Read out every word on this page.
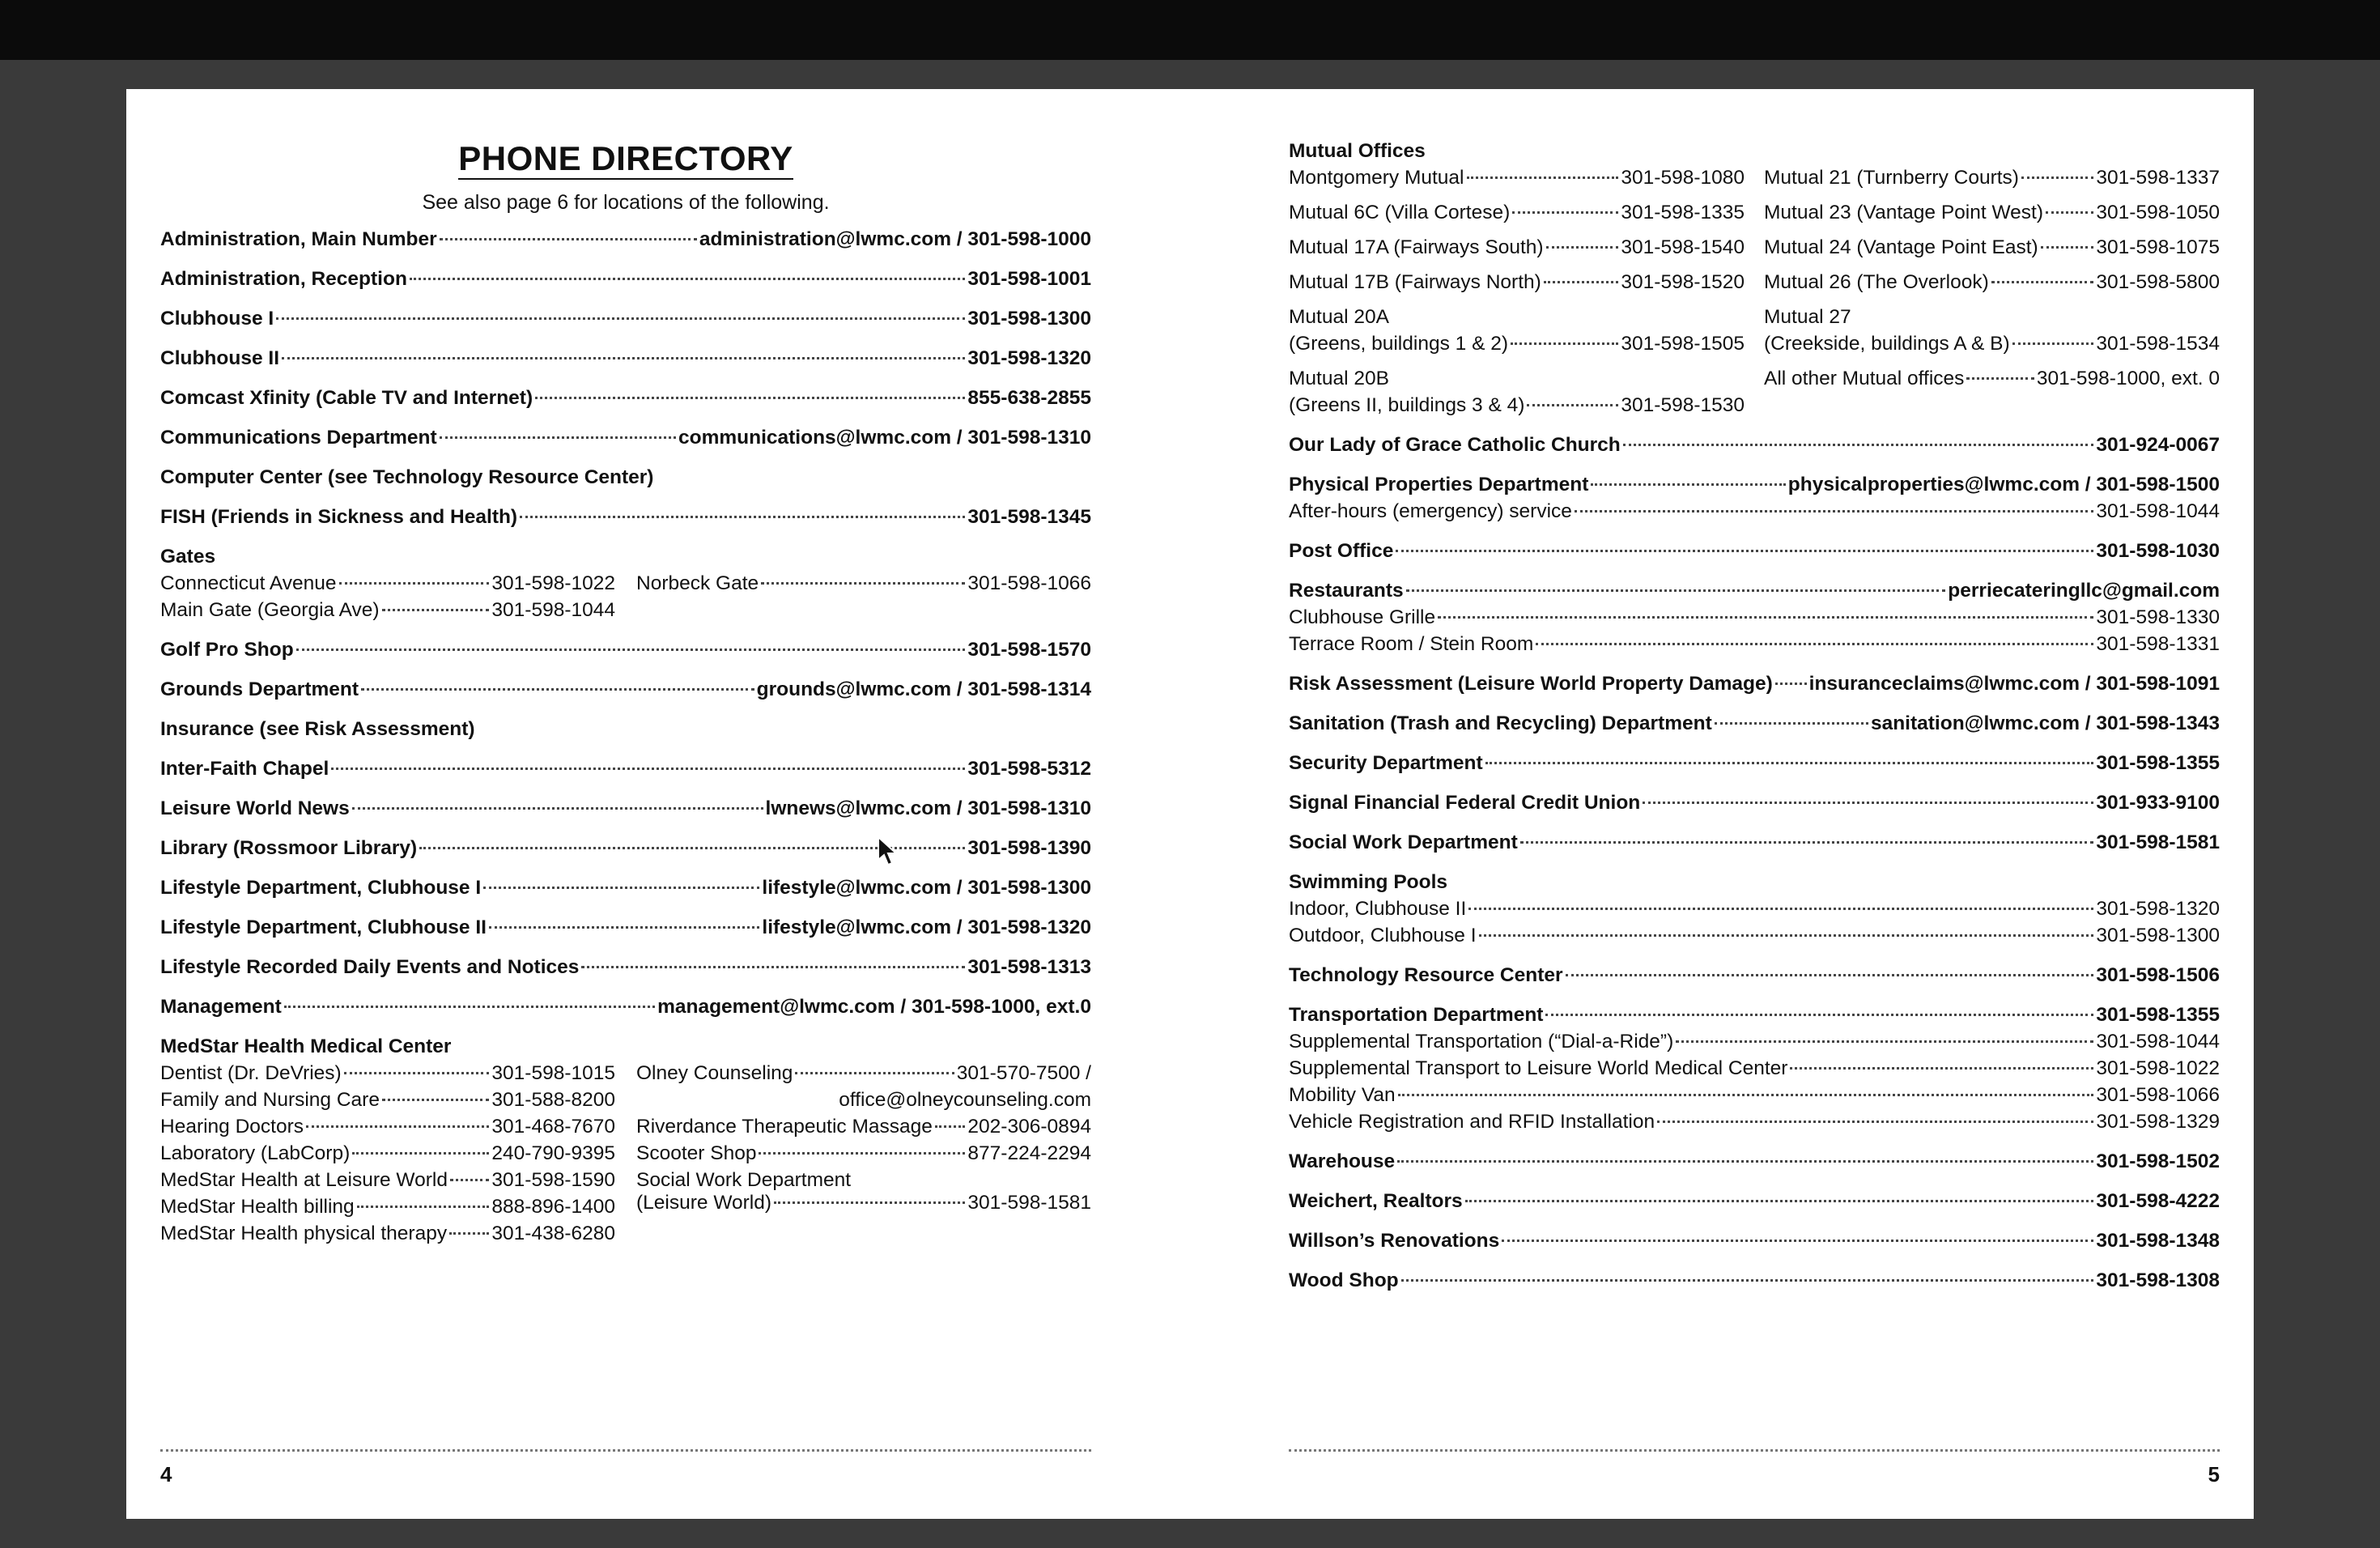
PHONE DIRECTORY
See also page 6 for locations of the following.
Administration, Main Number	administration@lwmc.com / 301-598-1000
Administration, Reception	301-598-1001
Clubhouse I	301-598-1300
Clubhouse II	301-598-1320
Comcast Xfinity (Cable TV and Internet)	855-638-2855
Communications Department	communications@lwmc.com / 301-598-1310
Computer Center (see Technology Resource Center)
FISH (Friends in Sickness and Health)	301-598-1345
Gates
Connecticut Avenue	301-598-1022
Main Gate (Georgia Ave)	301-598-1044
Norbeck Gate	301-598-1066
Golf Pro Shop	301-598-1570
Grounds Department	grounds@lwmc.com / 301-598-1314
Insurance (see Risk Assessment)
Inter-Faith Chapel	301-598-5312
Leisure World News	lwnews@lwmc.com / 301-598-1310
Library (Rossmoor Library)	301-598-1390
Lifestyle Department, Clubhouse I	lifestyle@lwmc.com / 301-598-1300
Lifestyle Department, Clubhouse II	lifestyle@lwmc.com / 301-598-1320
Lifestyle Recorded Daily Events and Notices	301-598-1313
Management	management@lwmc.com / 301-598-1000, ext.0
MedStar Health Medical Center
Dentist (Dr. DeVries)	301-598-1015
Family and Nursing Care	301-588-8200
Hearing Doctors	301-468-7670
Laboratory (LabCorp)	240-790-9395
MedStar Health at Leisure World 301-598-1590
MedStar Health billing	888-896-1400
MedStar Health physical therapy 301-438-6280
Olney Counseling	301-570-7500 /
office@olneycounseling.com
Riverdance Therapeutic Massage 202-306-0894
Scooter Shop	877-224-2294
Social Work Department
(Leisure World)	301-598-1581
4
Mutual Offices
Montgomery Mutual	301-598-1080
Mutual 6C (Villa Cortese)	301-598-1335
Mutual 17A (Fairways South)	301-598-1540
Mutual 17B (Fairways North)	301-598-1520
Mutual 20A
(Greens, buildings 1 & 2)	301-598-1505
Mutual 20B
(Greens II, buildings 3 & 4)	301-598-1530
Mutual 21 (Turnberry Courts)	301-598-1337
Mutual 23 (Vantage Point West)	301-598-1050
Mutual 24 (Vantage Point East)	301-598-1075
Mutual 26 (The Overlook)	301-598-5800
Mutual 27
(Creekside, buildings A & B)	301-598-1534
All other Mutual offices	301-598-1000, ext. 0
Our Lady of Grace Catholic Church	301-924-0067
Physical Properties Department	physicalproperties@lwmc.com / 301-598-1500
After-hours (emergency) service	301-598-1044
Post Office	301-598-1030
Restaurants	perriecateringllc@gmail.com
Clubhouse Grille	301-598-1330
Terrace Room / Stein Room	301-598-1331
Risk Assessment (Leisure World Property Damage) insuranceclaims@lwmc.com / 301-598-1091
Sanitation (Trash and Recycling) Department	sanitation@lwmc.com / 301-598-1343
Security Department	301-598-1355
Signal Financial Federal Credit Union	301-933-9100
Social Work Department	301-598-1581
Swimming Pools
Indoor, Clubhouse II	301-598-1320
Outdoor, Clubhouse I	301-598-1300
Technology Resource Center	301-598-1506
Transportation Department	301-598-1355
Supplemental Transportation (“Dial-a-Ride”)	301-598-1044
Supplemental Transport to Leisure World Medical Center	301-598-1022
Mobility Van	301-598-1066
Vehicle Registration and RFID Installation	301-598-1329
Warehouse	301-598-1502
Weichert, Realtors	301-598-4222
Willson’s Renovations	301-598-1348
Wood Shop	301-598-1308
5
